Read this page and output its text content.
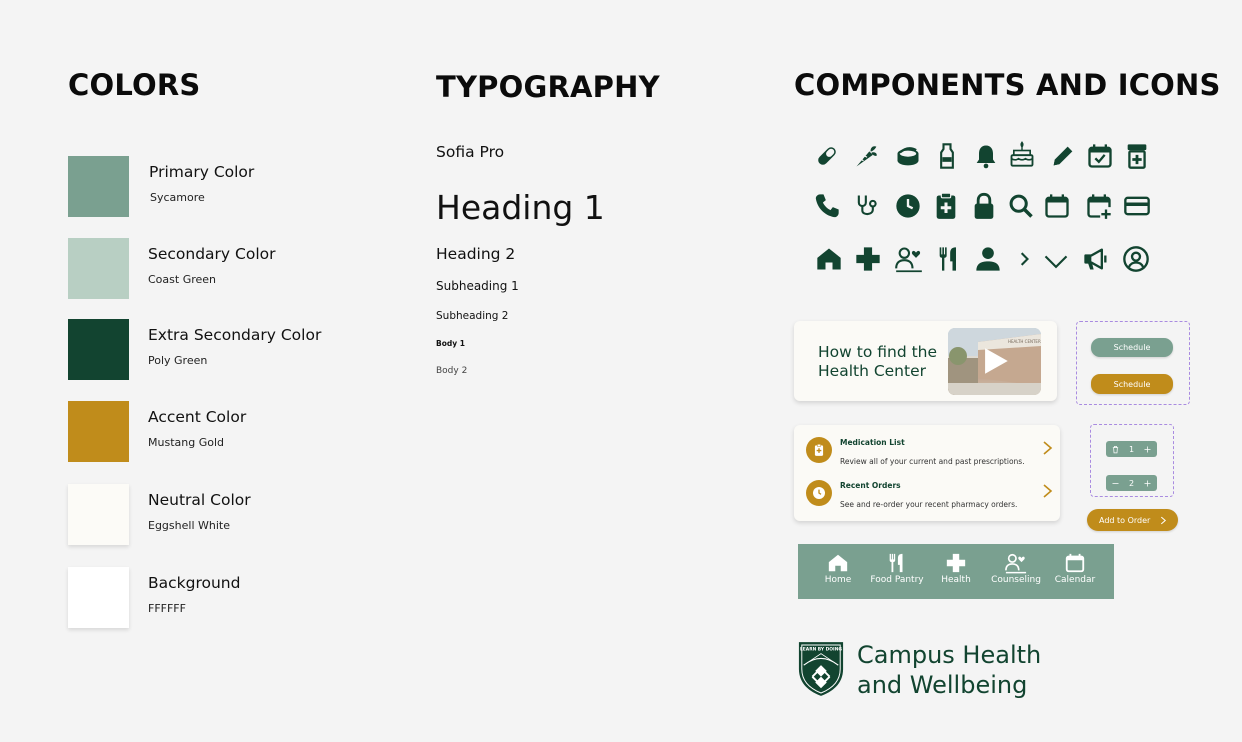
COLORS	TYPOGRAPHY	COMPONENTS AND ICONS
Primary Color
Sycamore
Secondary Color
Coast Green
Extra Secondary Color
Poly Green
Accent Color
Mustang Gold
Neutral Color
Eggshell White
Background
FFFFFF
Sofia Pro
Heading 1
Heading 2
Subheading 1
Subheading 2
Body 1
Body 2
How to find the Health Center
Schedule
Schedule
Medication List
Review all of your current and past prescriptions.
Recent Orders
See and re-order your recent pharmacy orders.
1
2
Add to Order
Home	Food Pantry	Health	Counseling	Calendar
LEARN BY DOING Campus Health
and Wellbeing
